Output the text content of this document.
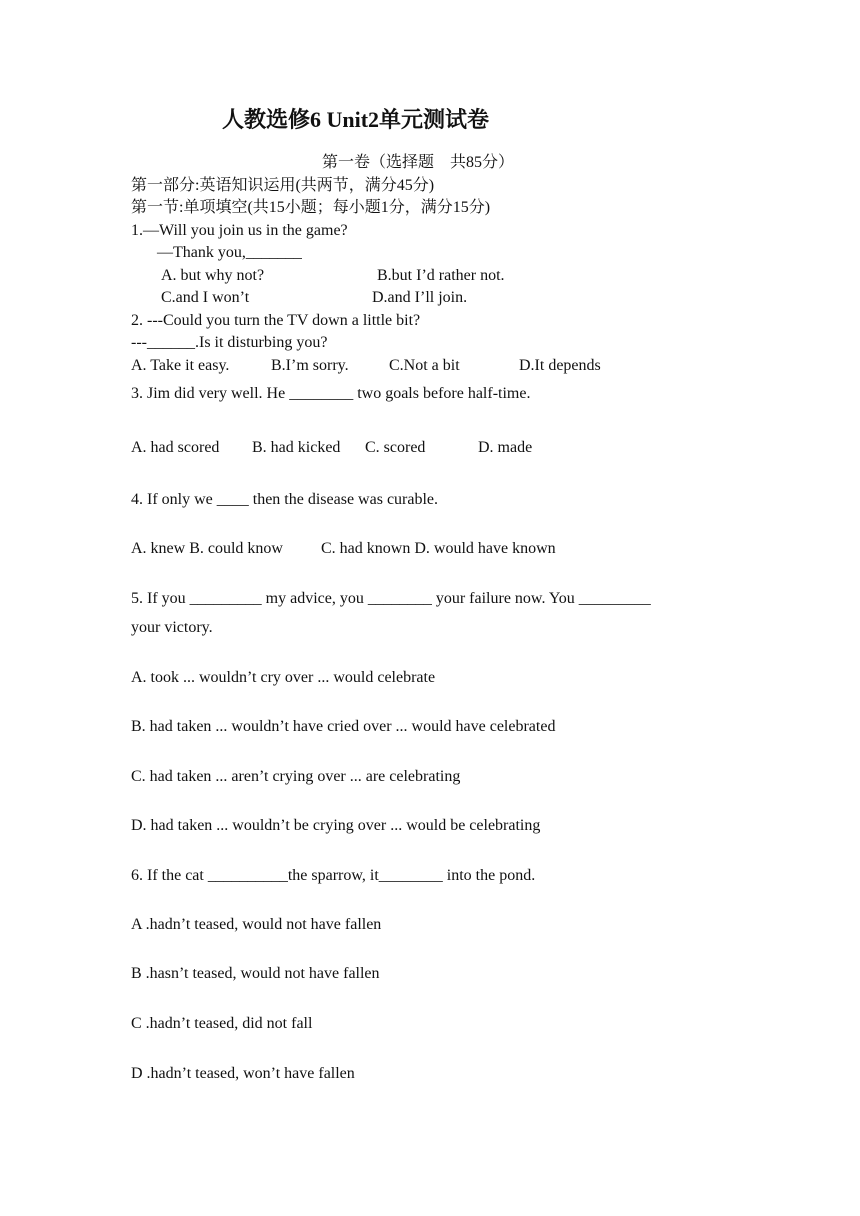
人教选修6 Unit2单元测试卷
第一卷（选择题　共85分）
第一部分:英语知识运用(共两节，满分45分)
第一节:单项填空(共15小题；每小题1分，满分15分)
1.—Will you join us in the game?
—Thank you,_______
A. but why not?	B.but I’d rather not.
C.and I won’t	D.and I’ll join.
2. ---Could you turn the TV down a little bit?
---______.Is it disturbing you?
A. Take it easy.	B.I’m sorry.	C.Not a bit	D.It depends
3. Jim did very well. He ________ two goals before half-time.
A. had scored B. had kicked C. scored	D. made
4. If only we ____ then the disease was curable.
A. knew B. could know C. had known D. would have known
5. If you _________ my advice, you ________ your failure now. You _________
your victory.
A. took ... wouldn’t cry over ... would celebrate
B. had taken ... wouldn’t have cried over ... would have celebrated
C. had taken ... aren’t crying over ... are celebrating
D. had taken ... wouldn’t be crying over ... would be celebrating
6. If the cat __________the sparrow, it________ into the pond.
A .hadn’t teased, would not have fallen
B .hasn’t teased, would not have fallen
C .hadn’t teased, did not fall
D .hadn’t teased, won’t have fallen
